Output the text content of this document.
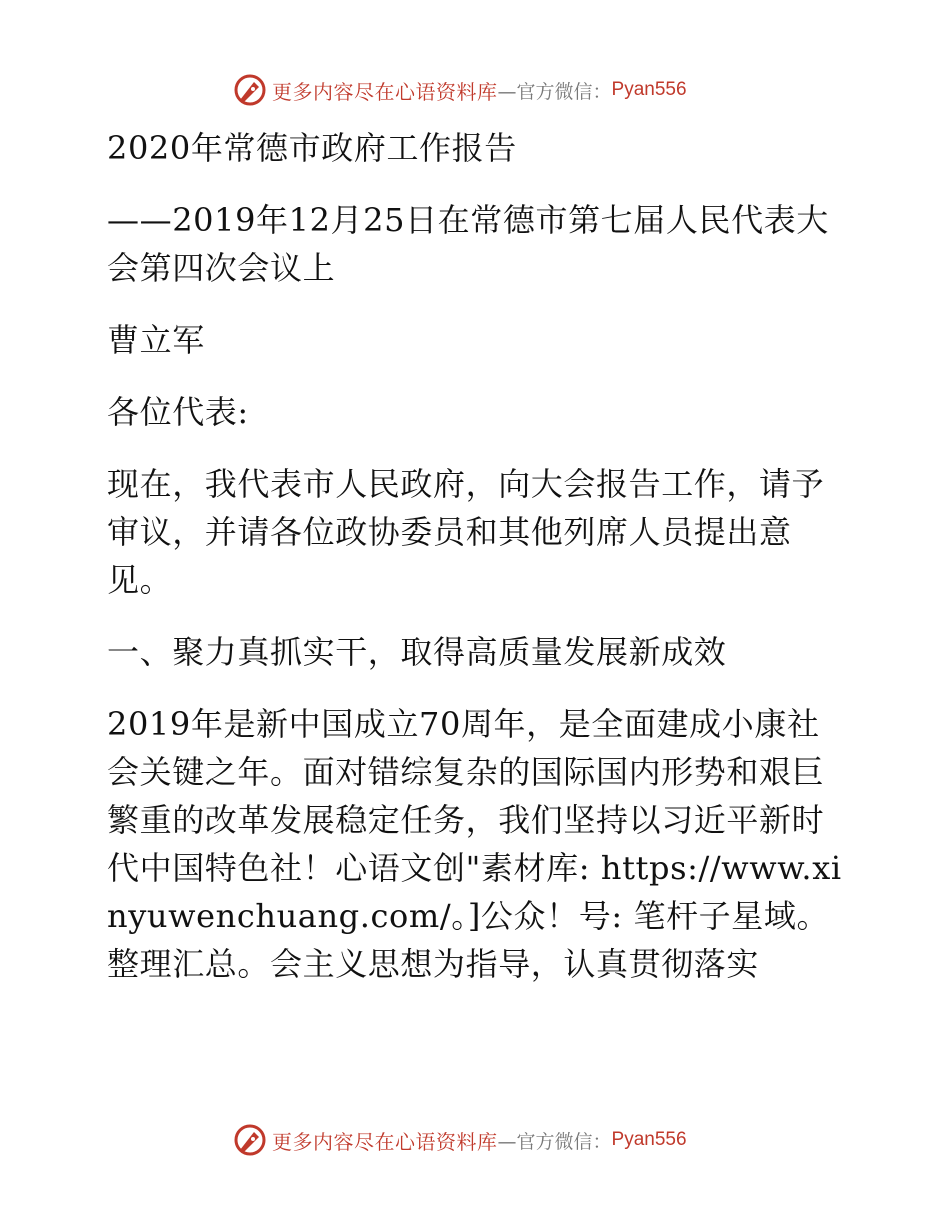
更多内容尽在心语资料库 —官方微信： Pyan556

2020年常德市政府工作报告

——2019年12月25日在常德市第七届人民代表大会第四次会议上

曹立军

各位代表:

现在，我代表市人民政府，向大会报告工作，请予审议，并请各位政协委员和其他列席人员提出意见。

一、聚力真抓实干，取得高质量发展新成效

2019年是新中国成立70周年，是全面建成小康社会关键之年。面对错综复杂的国际国内形势和艰巨繁重的改革发展稳定任务，我们坚持以习近平新时代中国特色社！心语文创"素材库: https://www.xinyuwenchuang.com/。]公众！号: 笔杆子星域。整理汇总。会主义思想为指导，认真贯彻落实

更多内容尽在心语资料库 —官方微信： Pyan556
